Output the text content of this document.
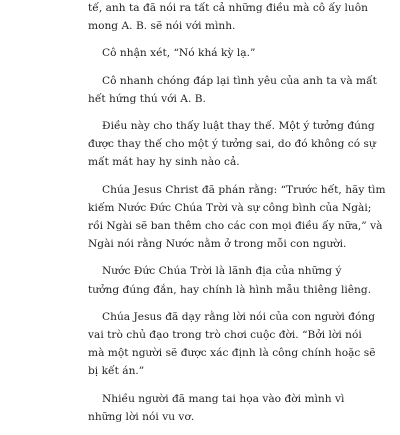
tế, anh ta đã nói ra tất cả những điều mà cô ấy luôn
mong A. B. sẽ nói với mình.
Cô nhận xét, “Nó khá kỳ lạ.”
Cô nhanh chóng đáp lại tình yêu của anh ta và mất
hết hứng thú với A. B.
Điều này cho thấy luật thay thế. Một ý tưởng đúng
được thay thế cho một ý tưởng sai, do đó không có sự
mất mát hay hy sinh nào cả.
Chúa Jesus Christ đã phán rằng: “Trước hết, hãy tìm
kiếm Nước Đức Chúa Trời và sự công bình của Ngài;
rồi Ngài sẽ ban thêm cho các con mọi điều ấy nữa,” và
Ngài nói rằng Nước nằm ở trong mỗi con người.
Nước Đức Chúa Trời là lãnh địa của những ý
tưởng đúng đắn, hay chính là hình mẫu thiêng liêng.
Chúa Jesus đã dạy rằng lời nói của con người đóng
vai trò chủ đạo trong trò chơi cuộc đời. “Bởi lời nói
mà một người sẽ được xác định là công chính hoặc sẽ
bị kết án.”
Nhiều người đã mang tai họa vào đời mình vì
những lời nói vu vơ.
